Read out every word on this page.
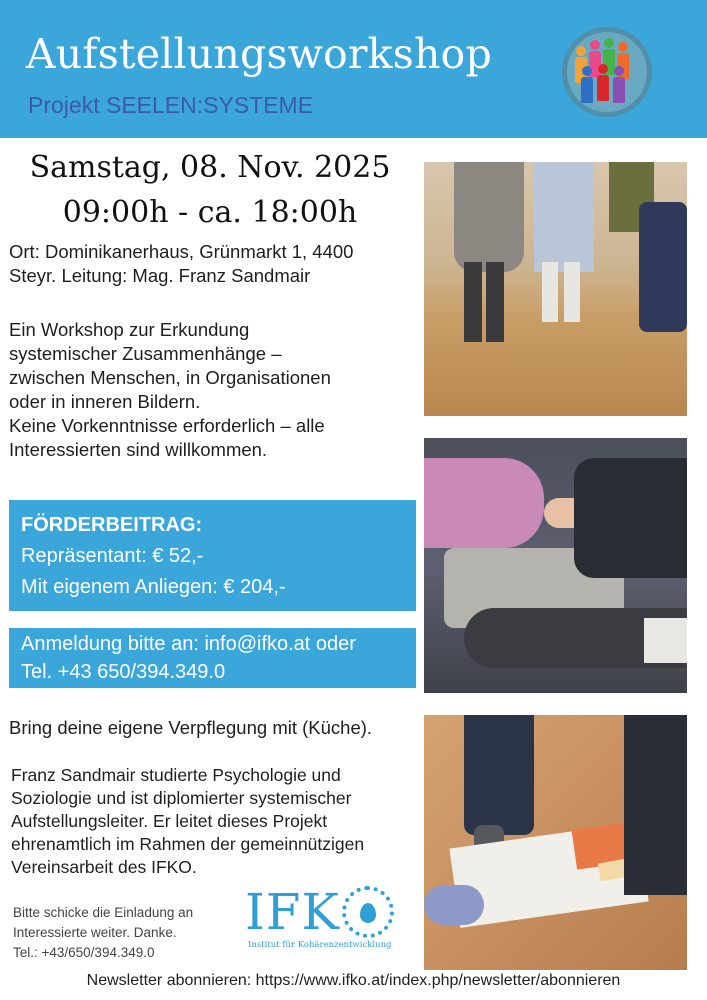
Aufstellungsworkshop
Projekt SEELEN:SYSTEME
Samstag, 08. Nov. 2025
09:00h - ca. 18:00h
Ort: Dominikanerhaus, Grünmarkt 1, 4400
Steyr. Leitung: Mag. Franz Sandmair
Ein Workshop zur Erkundung
systemischer Zusammenhänge –
zwischen Menschen, in Organisationen
oder in inneren Bildern.
Keine Vorkenntnisse erforderlich – alle
Interessierten sind willkommen.
FÖRDERBEITRAG:
Repräsentant: € 52,-
Mit eigenem Anliegen: € 204,-
Anmeldung bitte an: info@ifko.at oder
Tel. +43 650/394.349.0
Bring deine eigene Verpflegung mit (Küche).
Franz Sandmair studierte Psychologie und
Soziologie und ist diplomierter systemischer
Aufstellungsleiter. Er leitet dieses Projekt
ehrenamtlich im Rahmen der gemeinnützigen
Vereinsarbeit des IFKO.
Bitte schicke die Einladung an
Interessierte weiter. Danke.
Tel.: +43/650/394.349.0
IFK
Institut für Kohärenzentwicklung
Newsletter abonnieren: https://www.ifko.at/index.php/newsletter/abonnieren
